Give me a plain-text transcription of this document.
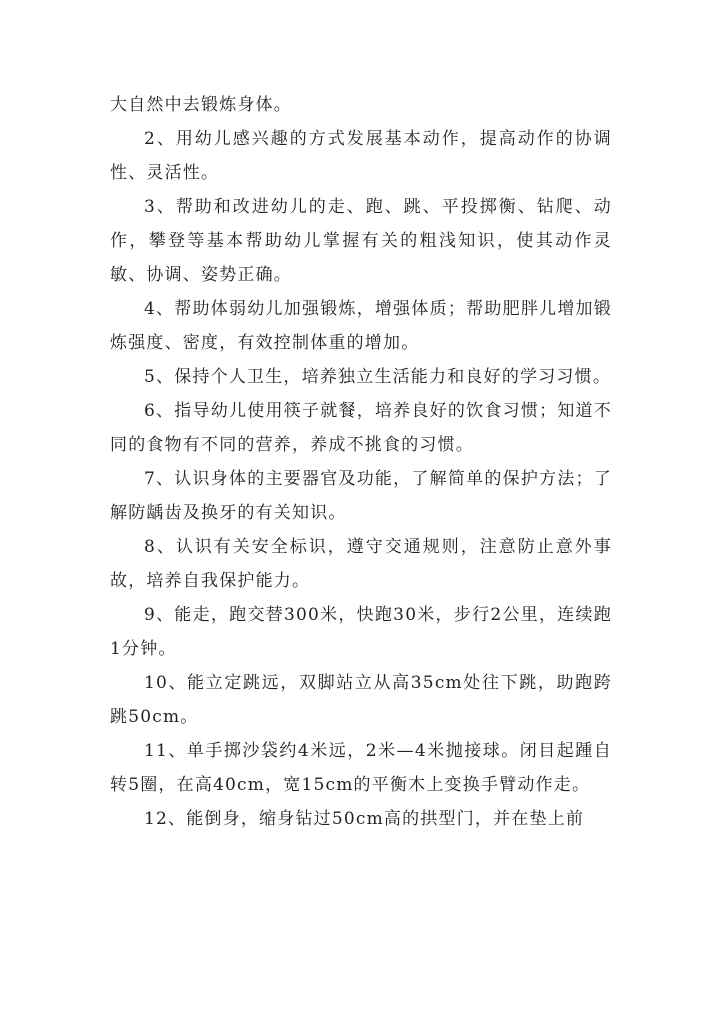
大自然中去锻炼身体。

2、用幼儿感兴趣的方式发展基本动作，提高动作的协调性、灵活性。

3、帮助和改进幼儿的走、跑、跳、平投掷衡、钻爬、动作，攀登等基本帮助幼儿掌握有关的粗浅知识，使其动作灵敏、协调、姿势正确。

4、帮助体弱幼儿加强锻炼，增强体质；帮助肥胖儿增加锻炼强度、密度，有效控制体重的增加。

5、保持个人卫生，培养独立生活能力和良好的学习习惯。

6、指导幼儿使用筷子就餐，培养良好的饮食习惯；知道不同的食物有不同的营养，养成不挑食的习惯。

7、认识身体的主要器官及功能，了解简单的保护方法；了解防龋齿及换牙的有关知识。

8、认识有关安全标识，遵守交通规则，注意防止意外事故，培养自我保护能力。

9、能走，跑交替300米，快跑30米，步行2公里，连续跑1分钟。

10、能立定跳远，双脚站立从高35cm处往下跳，助跑跨跳50cm。

11、单手掷沙袋约4米远，2米—4米抛接球。闭目起踵自转5圈，在高40cm，宽15cm的平衡木上变换手臂动作走。

12、能倒身，缩身钻过50cm高的拱型门，并在垫上前
